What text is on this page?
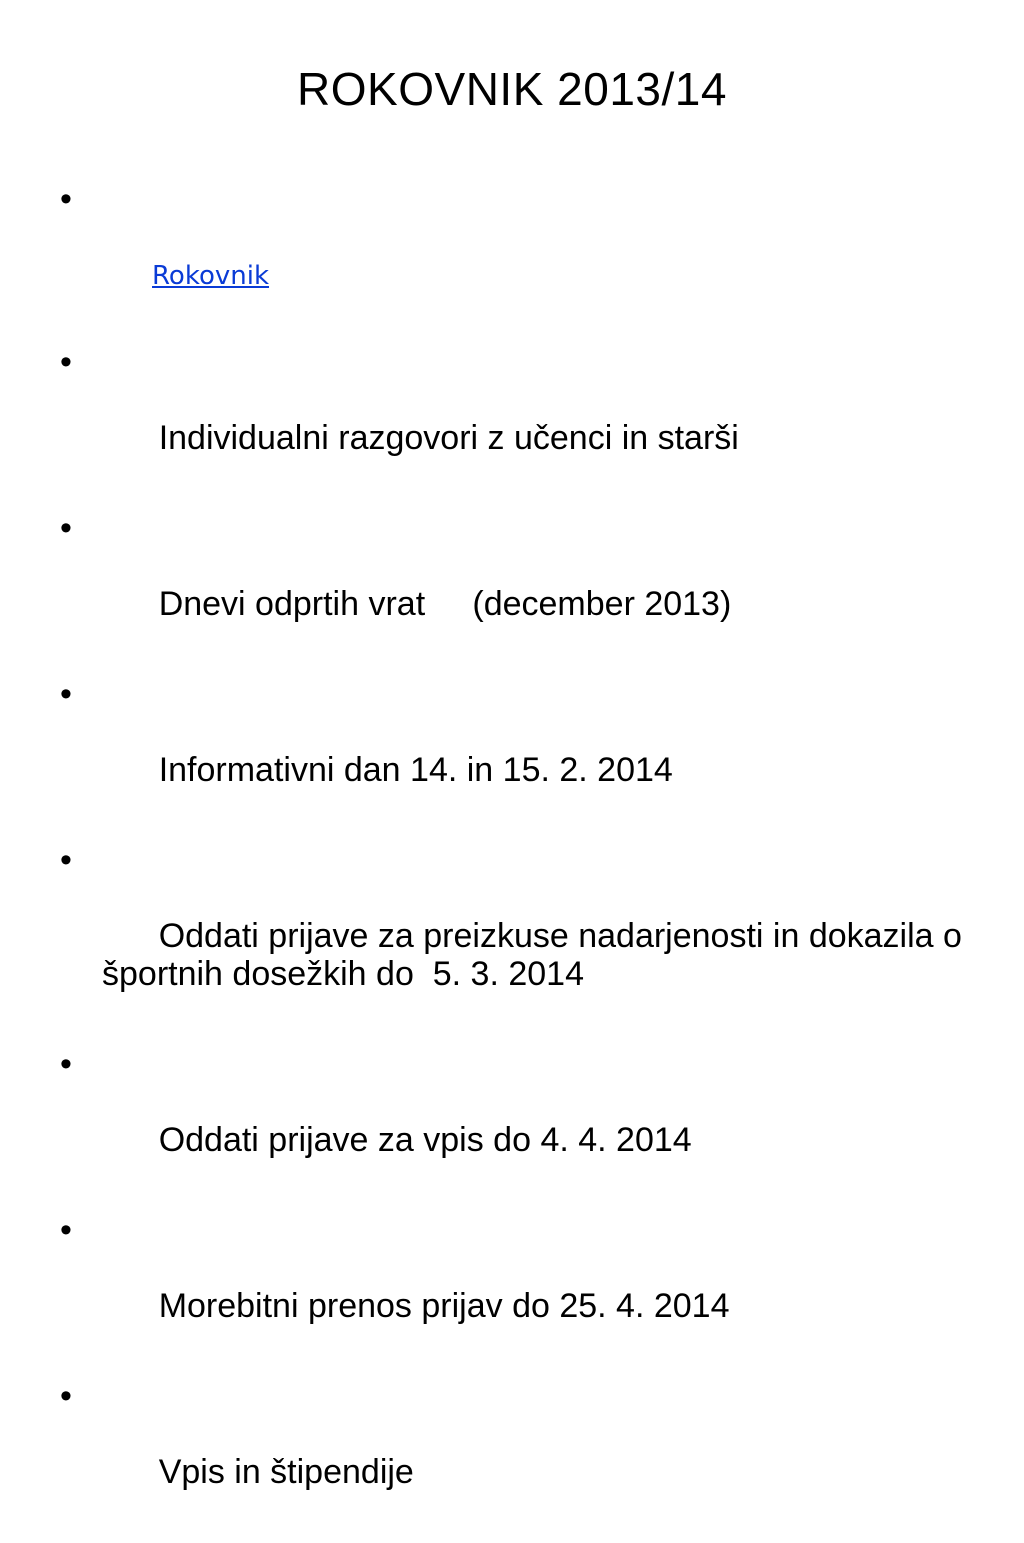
ROKOVNIK 2013/14

•

Rokovnik

•

Individualni razgovori z učenci in starši

•

Dnevi odprtih vrat     (december 2013)

•

Informativni dan 14. in 15. 2. 2014

•

Oddati prijave za preizkuse nadarjenosti in dokazila o športnih dosežkih do  5. 3. 2014

•

Oddati prijave za vpis do 4. 4. 2014

•

Morebitni prenos prijav do 25. 4. 2014

•

Vpis in štipendije
